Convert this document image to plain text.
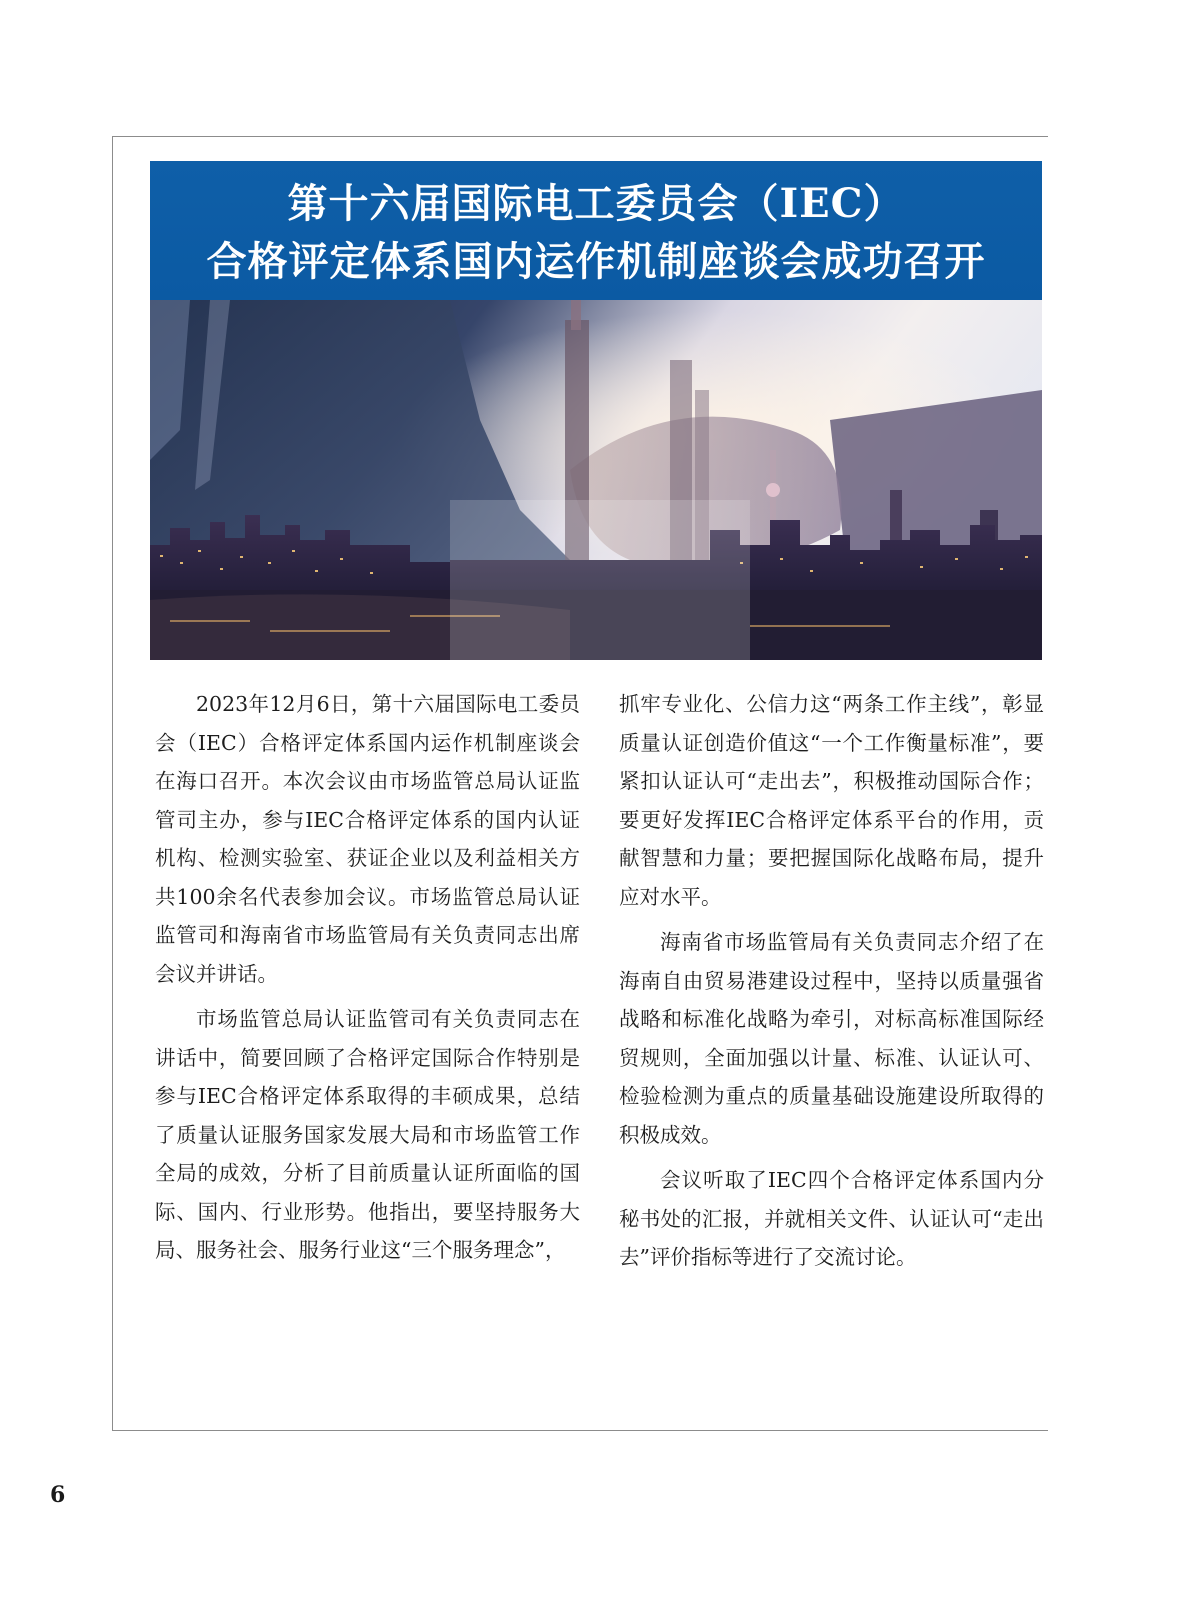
第十六届国际电工委员会（IEC）

合格评定体系国内运作机制座谈会成功召开

2023年12月6日，第十六届国际电工委员会（IEC）合格评定体系国内运作机制座谈会在海口召开。本次会议由市场监管总局认证监管司主办，参与IEC合格评定体系的国内认证机构、检测实验室、获证企业以及利益相关方共100余名代表参加会议。市场监管总局认证监管司和海南省市场监管局有关负责同志出席会议并讲话。

市场监管总局认证监管司有关负责同志在讲话中，简要回顾了合格评定国际合作特别是参与IEC合格评定体系取得的丰硕成果，总结了质量认证服务国家发展大局和市场监管工作全局的成效，分析了目前质量认证所面临的国际、国内、行业形势。他指出，要坚持服务大局、服务社会、服务行业这“三个服务理念”，

抓牢专业化、公信力这“两条工作主线”，彰显质量认证创造价值这“一个工作衡量标准”，要紧扣认证认可“走出去”，积极推动国际合作；要更好发挥IEC合格评定体系平台的作用，贡献智慧和力量；要把握国际化战略布局，提升应对水平。

海南省市场监管局有关负责同志介绍了在海南自由贸易港建设过程中，坚持以质量强省战略和标准化战略为牵引，对标高标准国际经贸规则，全面加强以计量、标准、认证认可、检验检测为重点的质量基础设施建设所取得的积极成效。

会议听取了IEC四个合格评定体系国内分秘书处的汇报，并就相关文件、认证认可“走出去”评价指标等进行了交流讨论。

6
